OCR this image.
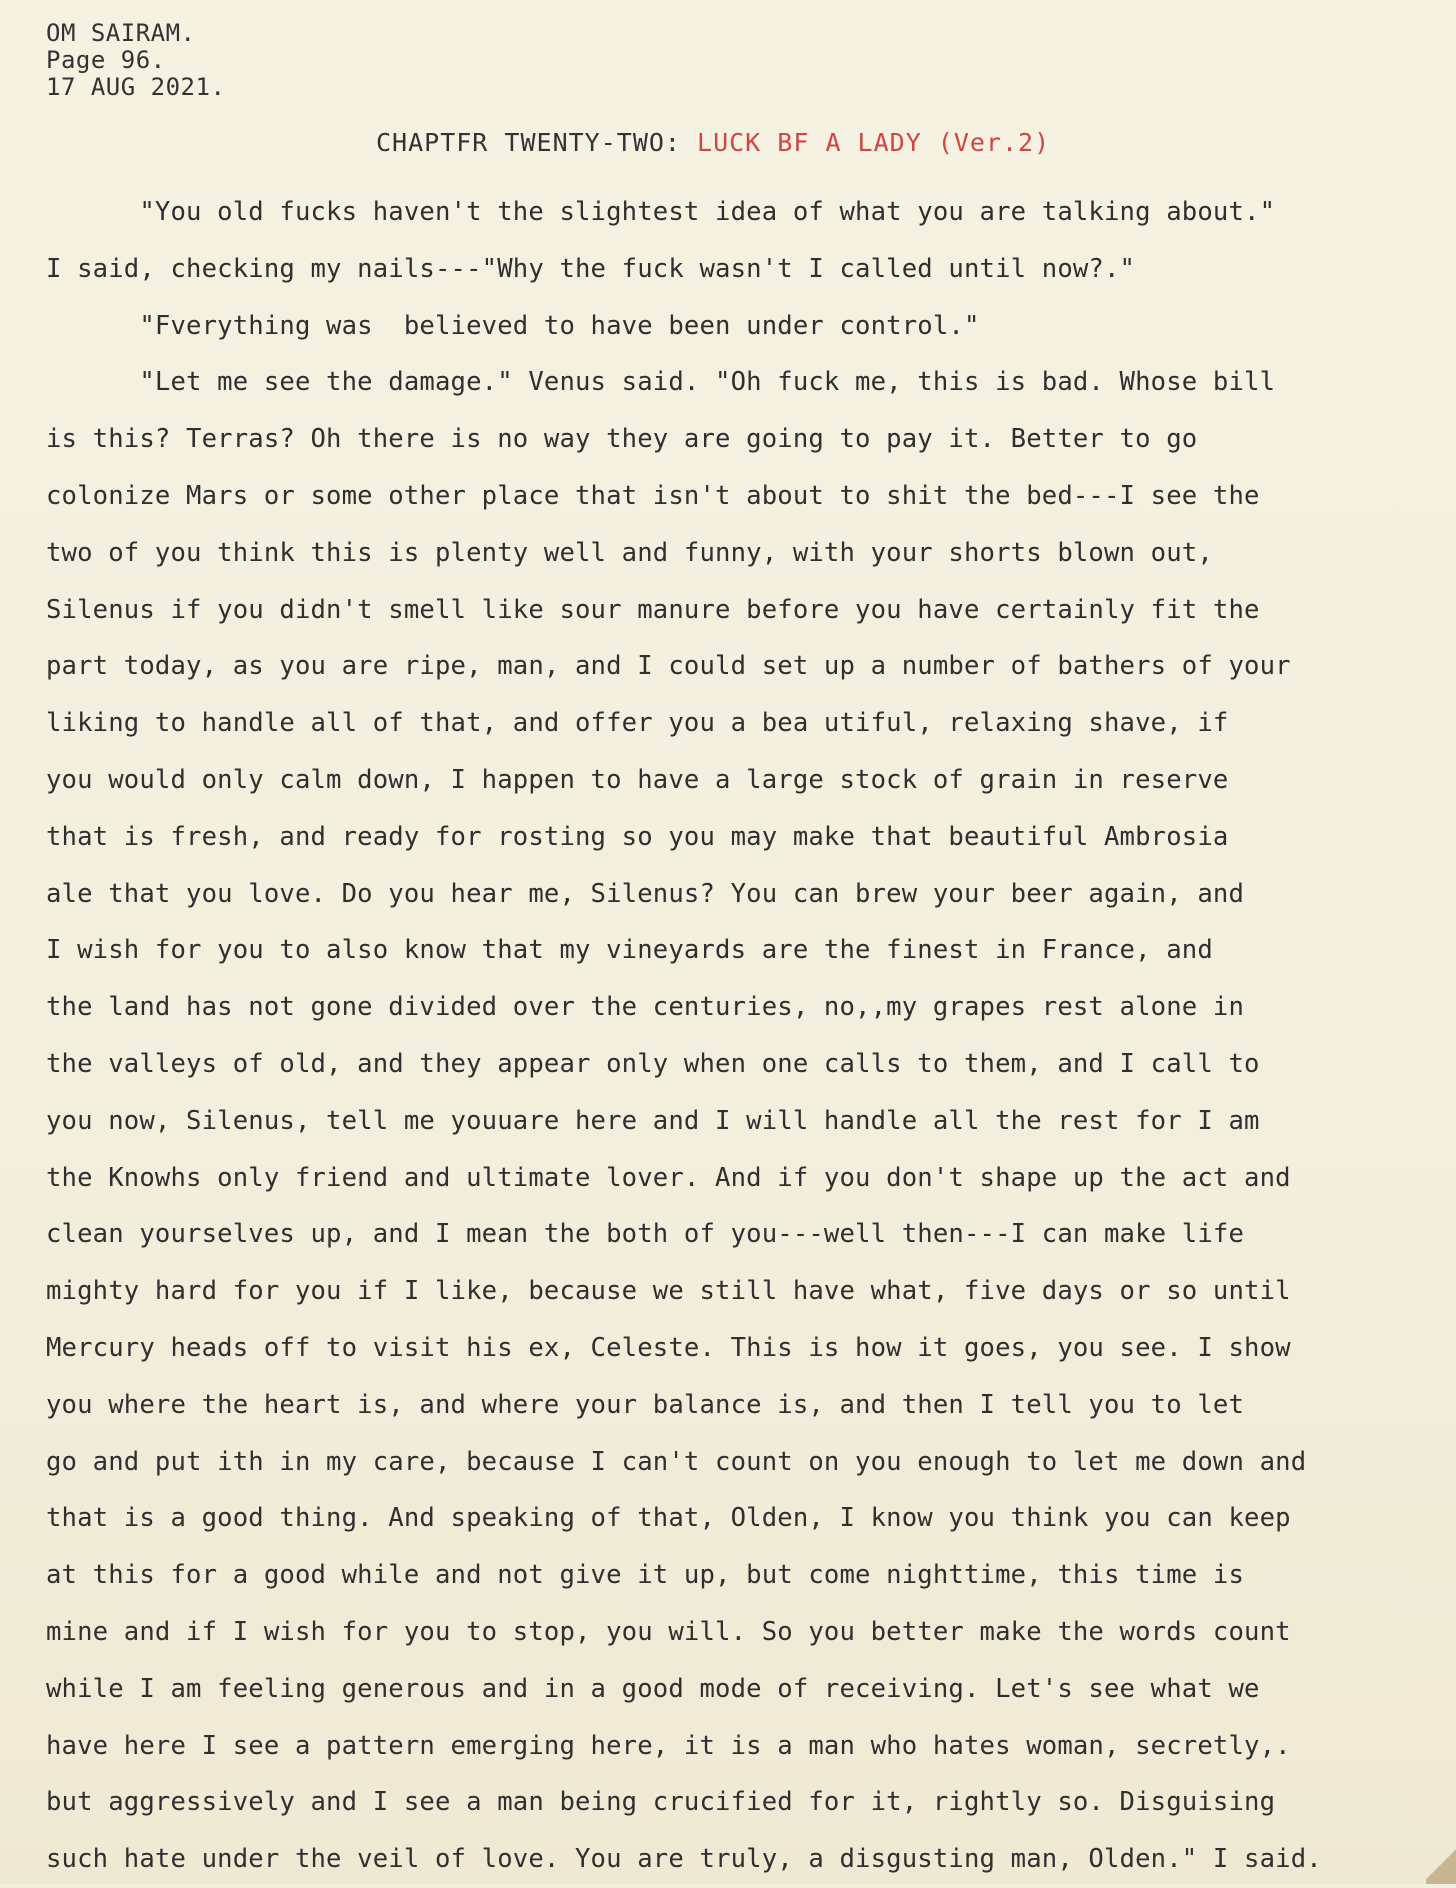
OM SAIRAM.
Page 96.
17 AUG 2021.
CHAPTFR TWENTY-TWO: LUCK BF A LADY (Ver.2)
"You old fucks haven't the slightest idea of what you are talking about."
I said, checking my nails---"Why the fuck wasn't I called until now?."
"Fverything was  believed to have been under control."
"Let me see the damage." Venus said. "Oh fuck me, this is bad. Whose bill
is this? Terras? Oh there is no way they are going to pay it. Better to go
colonize Mars or some other place that isn't about to shit the bed---I see the
two of you think this is plenty well and funny, with your shorts blown out,
Silenus if you didn't smell like sour manure before you have certainly fit the
part today, as you are ripe, man, and I could set up a number of bathers of your
liking to handle all of that, and offer you a bea utiful, relaxing shave, if
you would only calm down, I happen to have a large stock of grain in reserve
that is fresh, and ready for rosting so you may make that beautiful Ambrosia
ale that you love. Do you hear me, Silenus? You can brew your beer again, and
I wish for you to also know that my vineyards are the finest in France, and
the land has not gone divided over the centuries, no,,my grapes rest alone in
the valleys of old, and they appear only when one calls to them, and I call to
you now, Silenus, tell me youuare here and I will handle all the rest for I am
the Knowhs only friend and ultimate lover. And if you don't shape up the act and
clean yourselves up, and I mean the both of you---well then---I can make life
mighty hard for you if I like, because we still have what, five days or so until
Mercury heads off to visit his ex, Celeste. This is how it goes, you see. I show
you where the heart is, and where your balance is, and then I tell you to let
go and put ith in my care, because I can't count on you enough to let me down and
that is a good thing. And speaking of that, Olden, I know you think you can keep
at this for a good while and not give it up, but come nighttime, this time is
mine and if I wish for you to stop, you will. So you better make the words count
while I am feeling generous and in a good mode of receiving. Let's see what we
have here I see a pattern emerging here, it is a man who hates woman, secretly,.
but aggressively and I see a man being crucified for it, rightly so. Disguising
such hate under the veil of love. You are truly, a disgusting man, Olden." I said.
